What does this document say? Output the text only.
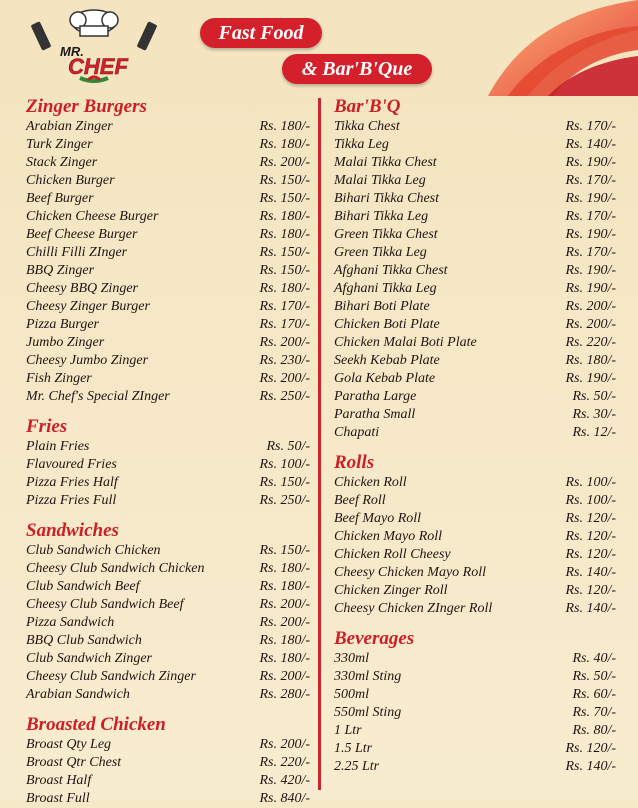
MR.
CHEF
Fast Food
& Bar'B'Que
Zinger Burgers
Arabian Zinger	Rs. 180/-
Turk Zinger	Rs. 180/-
Stack Zinger	Rs. 200/-
Chicken Burger	Rs. 150/-
Beef Burger	Rs. 150/-
Chicken Cheese Burger	Rs. 180/-
Beef Cheese Burger	Rs. 180/-
Chilli Filli ZInger	Rs. 150/-
BBQ Zinger	Rs. 150/-
Cheesy BBQ Zinger	Rs. 180/-
Cheesy Zinger Burger	Rs. 170/-
Pizza Burger	Rs. 170/-
Jumbo Zinger	Rs. 200/-
Cheesy Jumbo Zinger	Rs. 230/-
Fish Zinger	Rs. 200/-
Mr. Chef's Special ZInger	Rs. 250/-
Fries
Plain Fries	Rs. 50/-
Flavoured Fries	Rs. 100/-
Pizza Fries Half	Rs. 150/-
Pizza Fries Full	Rs. 250/-
Sandwiches
Club Sandwich Chicken	Rs. 150/-
Cheesy Club Sandwich Chicken	Rs. 180/-
Club Sandwich Beef	Rs. 180/-
Cheesy Club Sandwich Beef	Rs. 200/-
Pizza Sandwich	Rs. 200/-
BBQ Club Sandwich	Rs. 180/-
Club Sandwich Zinger	Rs. 180/-
Cheesy Club Sandwich Zinger	Rs. 200/-
Arabian Sandwich	Rs. 280/-
Broasted Chicken
Broast Qty Leg	Rs. 200/-
Broast Qtr Chest	Rs. 220/-
Broast Half	Rs. 420/-
Broast Full	Rs. 840/-
Bar'B'Q
Tikka Chest	Rs. 170/-
Tikka Leg	Rs. 140/-
Malai Tikka Chest	Rs. 190/-
Malai Tikka Leg	Rs. 170/-
Bihari Tikka Chest	Rs. 190/-
Bihari Tikka Leg	Rs. 170/-
Green Tikka Chest	Rs. 190/-
Green Tikka Leg	Rs. 170/-
Afghani Tikka Chest	Rs. 190/-
Afghani Tikka Leg	Rs. 190/-
Bihari Boti Plate	Rs. 200/-
Chicken Boti Plate	Rs. 200/-
Chicken Malai Boti Plate	Rs. 220/-
Seekh Kebab Plate	Rs. 180/-
Gola Kebab Plate	Rs. 190/-
Paratha Large	Rs. 50/-
Paratha Small	Rs. 30/-
Chapati	Rs. 12/-
Rolls
Chicken Roll	Rs. 100/-
Beef Roll	Rs. 100/-
Beef Mayo Roll	Rs. 120/-
Chicken Mayo Roll	Rs. 120/-
Chicken Roll Cheesy	Rs. 120/-
Cheesy Chicken Mayo Roll	Rs. 140/-
Chicken Zinger Roll	Rs. 120/-
Cheesy Chicken ZInger Roll	Rs. 140/-
Beverages
330ml	Rs. 40/-
330ml Sting	Rs. 50/-
500ml	Rs. 60/-
550ml Sting	Rs. 70/-
1 Ltr	Rs. 80/-
1.5 Ltr	Rs. 120/-
2.25 Ltr	Rs. 140/-
